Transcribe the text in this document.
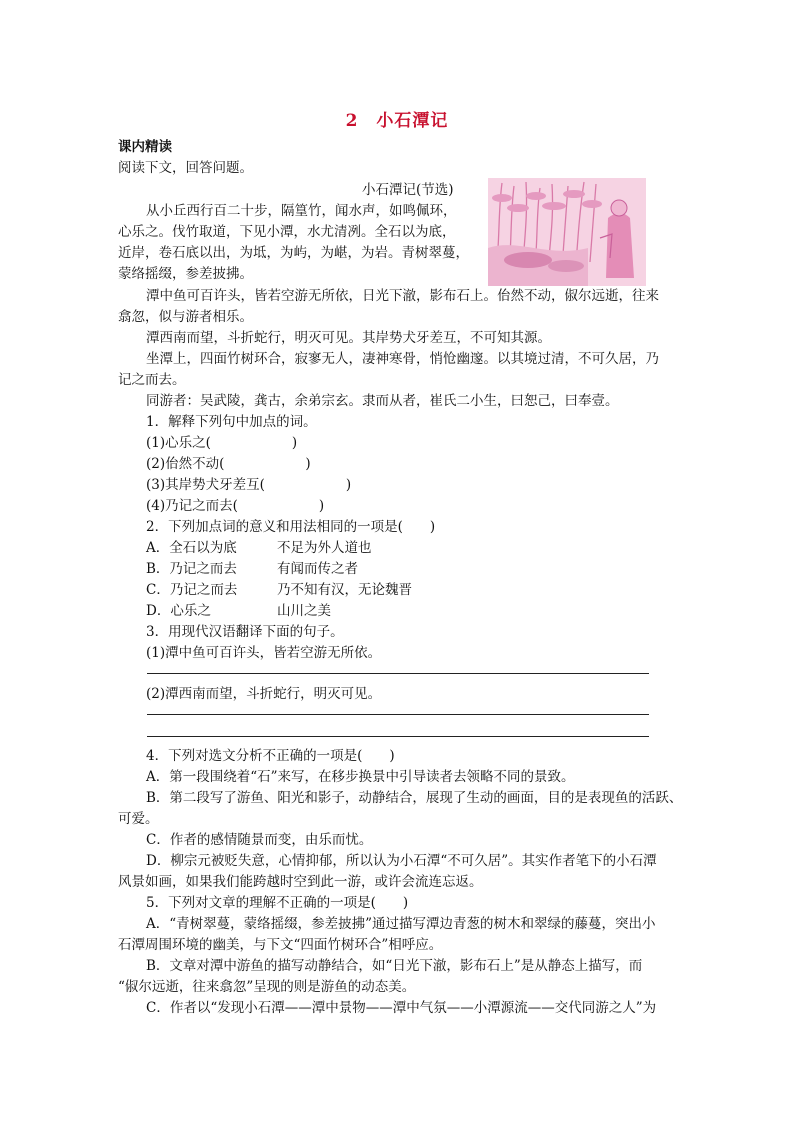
2　小石潭记
课内精读
阅读下文，回答问题。
小石潭记(节选)
从小丘西行百二十步，隔篁竹，闻水声，如鸣佩环，
心乐之。伐竹取道，下见小潭，水尤清冽。全石以为底，
近岸，卷石底以出，为坻，为屿，为嵁，为岩。青树翠蔓，
蒙络摇缀，参差披拂。
潭中鱼可百许头，皆若空游无所依，日光下澈，影布石上。佁然不动，俶尔远逝，往来
翕忽，似与游者相乐。
潭西南而望，斗折蛇行，明灭可见。其岸势犬牙差互，不可知其源。
坐潭上，四面竹树环合，寂寥无人，凄神寒骨，悄怆幽邃。以其境过清，不可久居，乃
记之而去。
同游者：吴武陵，龚古，余弟宗玄。隶而从者，崔氏二小生，曰恕己，曰奉壹。
1．解释下列句中加点的词。
(1)心乐之(　　　　　　)
(2)佁然不动(　　　　　　)
(3)其岸势犬牙差互(　　　　　　)
(4)乃记之而去(　　　　　　)
2．下列加点词的意义和用法相同的一项是(　　)
A．全石以为底	不足为外人道也
B．乃记之而去	有闻而传之者
C．乃记之而去	乃不知有汉，无论魏晋
D．心乐之	山川之美
3．用现代汉语翻译下面的句子。
(1)潭中鱼可百许头，皆若空游无所依。
(2)潭西南而望，斗折蛇行，明灭可见。
4．下列对选文分析不正确的一项是(　　)
A．第一段围绕着“石”来写，在移步换景中引导读者去领略不同的景致。
B．第二段写了游鱼、阳光和影子，动静结合，展现了生动的画面，目的是表现鱼的活跃、
可爱。
C．作者的感情随景而变，由乐而忧。
D．柳宗元被贬失意，心情抑郁，所以认为小石潭“不可久居”。其实作者笔下的小石潭
风景如画，如果我们能跨越时空到此一游，或许会流连忘返。
5．下列对文章的理解不正确的一项是(　　)
A．“青树翠蔓，蒙络摇缀，参差披拂”通过描写潭边青葱的树木和翠绿的藤蔓，突出小
石潭周围环境的幽美，与下文“四面竹树环合”相呼应。
B．文章对潭中游鱼的描写动静结合，如“日光下澈，影布石上”是从静态上描写，而
“俶尔远逝，往来翕忽”呈现的则是游鱼的动态美。
C．作者以“发现小石潭——潭中景物——潭中气氛——小潭源流——交代同游之人”为
